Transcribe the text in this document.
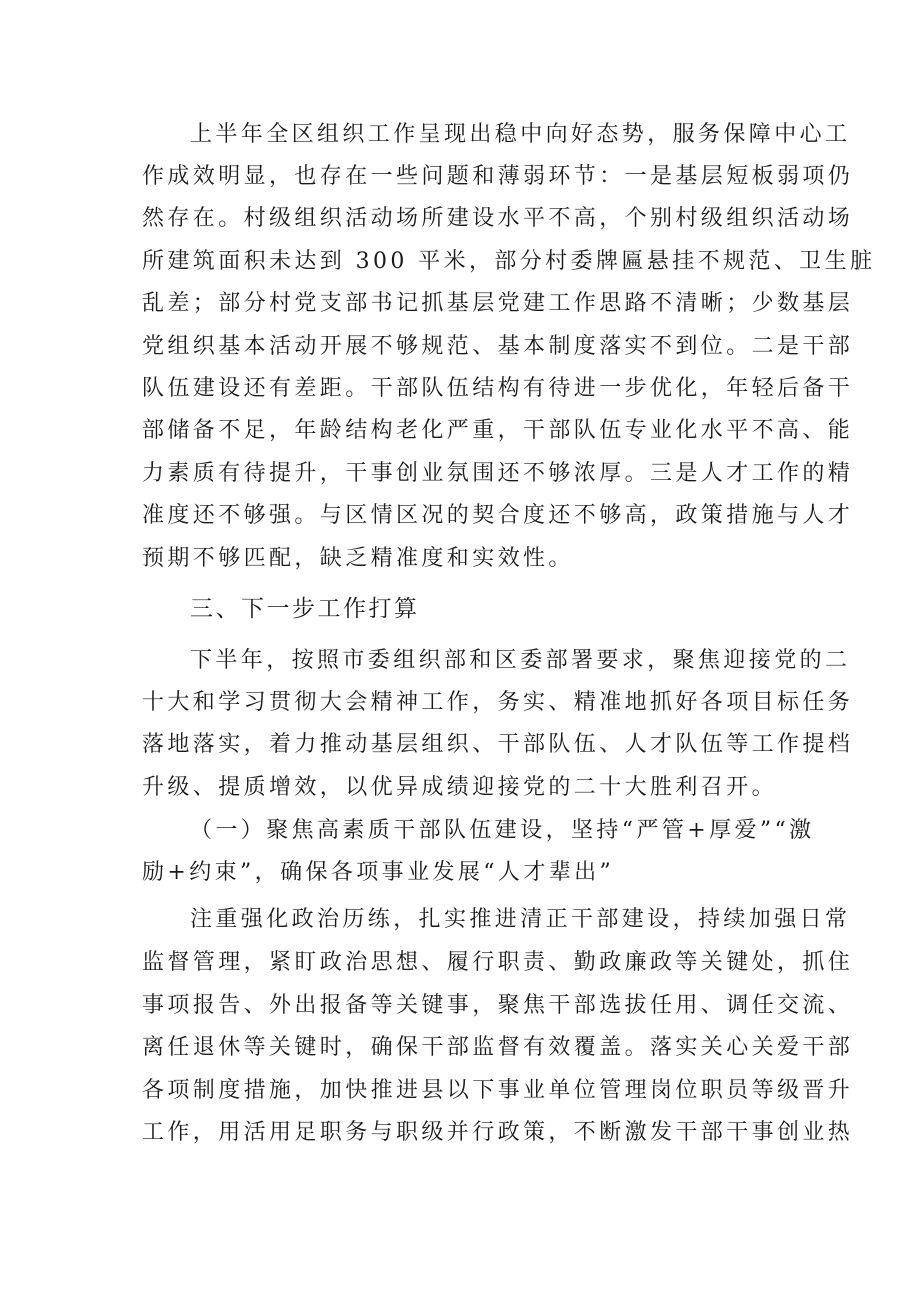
上半年全区组织工作呈现出稳中向好态势，服务保障中心工
作成效明显，也存在一些问题和薄弱环节：一是基层短板弱项仍
然存在。村级组织活动场所建设水平不高，个别村级组织活动场
所建筑面积未达到 300 平米，部分村委牌匾悬挂不规范、卫生脏
乱差；部分村党支部书记抓基层党建工作思路不清晰；少数基层
党组织基本活动开展不够规范、基本制度落实不到位。二是干部
队伍建设还有差距。干部队伍结构有待进一步优化，年轻后备干
部储备不足，年龄结构老化严重，干部队伍专业化水平不高、能
力素质有待提升，干事创业氛围还不够浓厚。三是人才工作的精
准度还不够强。与区情区况的契合度还不够高，政策措施与人才
预期不够匹配，缺乏精准度和实效性。
三、下一步工作打算
下半年，按照市委组织部和区委部署要求，聚焦迎接党的二
十大和学习贯彻大会精神工作，务实、精准地抓好各项目标任务
落地落实，着力推动基层组织、干部队伍、人才队伍等工作提档
升级、提质增效，以优异成绩迎接党的二十大胜利召开。
（一）聚焦高素质干部队伍建设，坚持“严管+厚爱”“激
励+约束”，确保各项事业发展“人才辈出”
注重强化政治历练，扎实推进清正干部建设，持续加强日常
监督管理，紧盯政治思想、履行职责、勤政廉政等关键处，抓住
事项报告、外出报备等关键事，聚焦干部选拔任用、调任交流、
离任退休等关键时，确保干部监督有效覆盖。落实关心关爱干部
各项制度措施，加快推进县以下事业单位管理岗位职员等级晋升
工作，用活用足职务与职级并行政策，不断激发干部干事创业热
